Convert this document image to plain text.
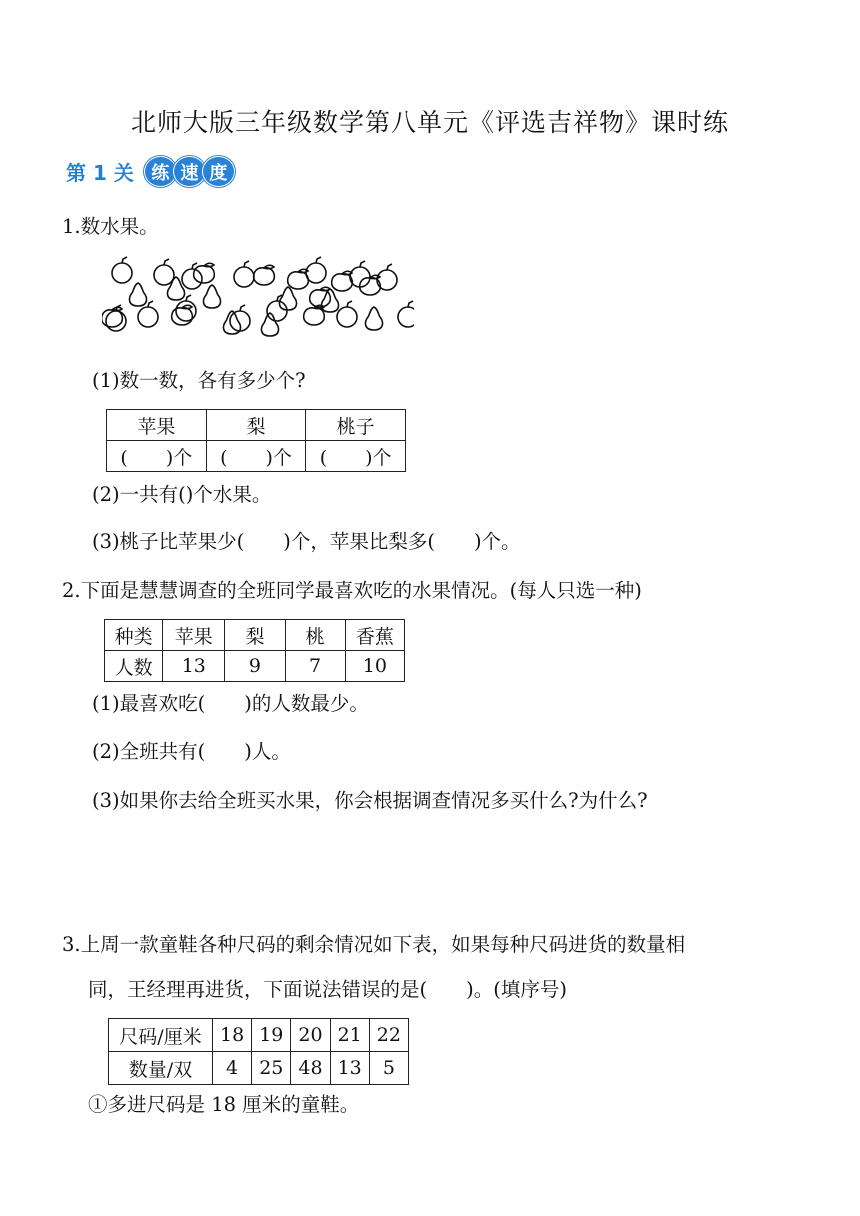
北师大版三年级数学第八单元《评选吉祥物》课时练
第 1 关 练 速 度
1.数水果。
(1)数一数，各有多少个?
苹果	梨	桃子
(　　)个	(　　)个	(　　)个
(2)一共有()个水果。
(3)桃子比苹果少(　　)个，苹果比梨多(　　)个。
2.下面是慧慧调查的全班同学最喜欢吃的水果情况。(每人只选一种)
种类	苹果	梨	桃	香蕉
人数	13	9	7	10
(1)最喜欢吃(　　)的人数最少。
(2)全班共有(　　)人。
(3)如果你去给全班买水果，你会根据调查情况多买什么?为什么?
3.上周一款童鞋各种尺码的剩余情况如下表，如果每种尺码进货的数量相
同，王经理再进货，下面说法错误的是(　　)。(填序号)
尺码/厘米	18	19	20	21	22
数量/双	4	25	48	13	5
①多进尺码是 18 厘米的童鞋。
